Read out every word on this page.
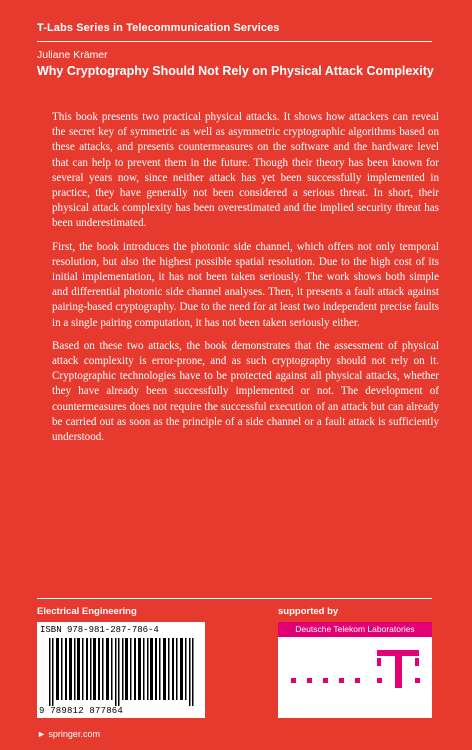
T-Labs Series in Telecommunication Services
Juliane Krämer
Why Cryptography Should Not Rely on Physical Attack Complexity

This book presents two practical physical attacks. It shows how attackers can reveal the secret key of symmetric as well as asymmetric cryptographic algorithms based on these attacks, and presents countermeasures on the software and the hardware level that can help to prevent them in the future. Though their theory has been known for several years now, since neither attack has yet been successfully implemented in practice, they have generally not been considered a serious threat. In short, their physical attack complexity has been overestimated and the implied security threat has been underestimated.

First, the book introduces the photonic side channel, which offers not only temporal resolution, but also the highest possible spatial resolution. Due to the high cost of its initial implementation, it has not been taken seriously. The work shows both simple and differential photonic side channel analyses. Then, it presents a fault attack against pairing-based cryptography. Due to the need for at least two independent precise faults in a single pairing computation, it has not been taken seriously either.

Based on these two attacks, the book demonstrates that the assessment of physical attack complexity is error-prone, and as such cryptography should not rely on it. Cryptographic technologies have to be protected against all physical attacks, whether they have already been successfully implemented or not. The development of countermeasures does not require the successful execution of an attack but can already be carried out as soon as the principle of a side channel or a fault attack is sufficiently understood.

Electrical Engineering
ISBN 978-981-287-786-4
9 789812 877864
► springer.com
supported by
Deutsche Telekom Laboratories
